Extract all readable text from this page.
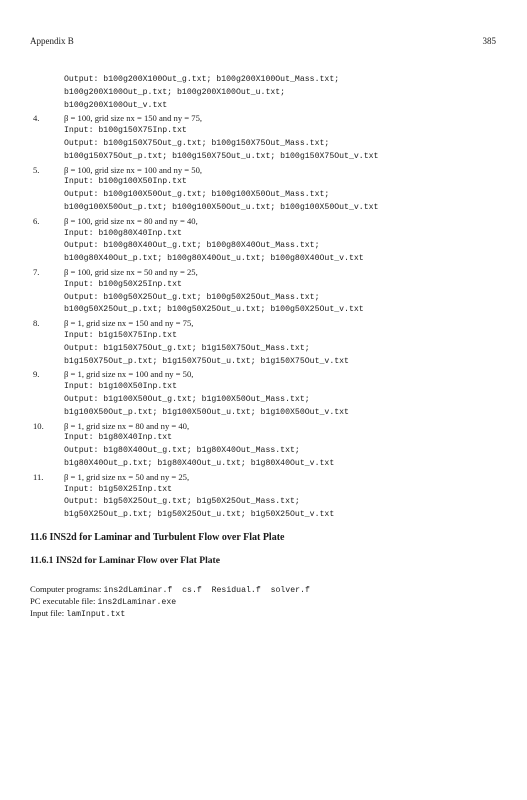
Appendix B	385
Output: b100g200X100Out_g.txt; b100g200X100Out_Mass.txt;
b100g200X100Out_p.txt; b100g200X100Out_u.txt;
b100g200X100Out_v.txt
4.	β = 100, grid size nx = 150 and ny = 75,
Input: b100g150X75Inp.txt
Output: b100g150X75Out_g.txt; b100g150X75Out_Mass.txt;
b100g150X75Out_p.txt; b100g150X75Out_u.txt; b100g150X75Out_v.txt
5.	β = 100, grid size nx = 100 and ny = 50,
Input: b100g100X50Inp.txt
Output: b100g100X50Out_g.txt; b100g100X50Out_Mass.txt;
b100g100X50Out_p.txt; b100g100X50Out_u.txt; b100g100X50Out_v.txt
6.	β = 100, grid size nx = 80 and ny = 40,
Input: b100g80X40Inp.txt
Output: b100g80X40Out_g.txt; b100g80X40Out_Mass.txt;
b100g80X40Out_p.txt; b100g80X40Out_u.txt; b100g80X40Out_v.txt
7.	β = 100, grid size nx = 50 and ny = 25,
Input: b100g50X25Inp.txt
Output: b100g50X25Out_g.txt; b100g50X25Out_Mass.txt;
b100g50X25Out_p.txt; b100g50X25Out_u.txt; b100g50X25Out_v.txt
8.	β = 1, grid size nx = 150 and ny = 75,
Input: b1g150X75Inp.txt
Output: b1g150X75Out_g.txt; b1g150X75Out_Mass.txt;
b1g150X75Out_p.txt; b1g150X75Out_u.txt; b1g150X75Out_v.txt
9.	β = 1, grid size nx = 100 and ny = 50,
Input: b1g100X50Inp.txt
Output: b1g100X50Out_g.txt; b1g100X50Out_Mass.txt;
b1g100X50Out_p.txt; b1g100X50Out_u.txt; b1g100X50Out_v.txt
10.	β = 1, grid size nx = 80 and ny = 40,
Input: b1g80X40Inp.txt
Output: b1g80X40Out_g.txt; b1g80X40Out_Mass.txt;
b1g80X40Out_p.txt; b1g80X40Out_u.txt; b1g80X40Out_v.txt
11.	β = 1, grid size nx = 50 and ny = 25,
Input: b1g50X25Inp.txt
Output: b1g50X25Out_g.txt; b1g50X25Out_Mass.txt;
b1g50X25Out_p.txt; b1g50X25Out_u.txt; b1g50X25Out_v.txt
11.6 INS2d for Laminar and Turbulent Flow over Flat Plate
11.6.1 INS2d for Laminar Flow over Flat Plate
Computer programs: ins2dLaminar.f  cs.f  Residual.f  solver.f
PC executable file: ins2dLaminar.exe
Input file: lamInput.txt
